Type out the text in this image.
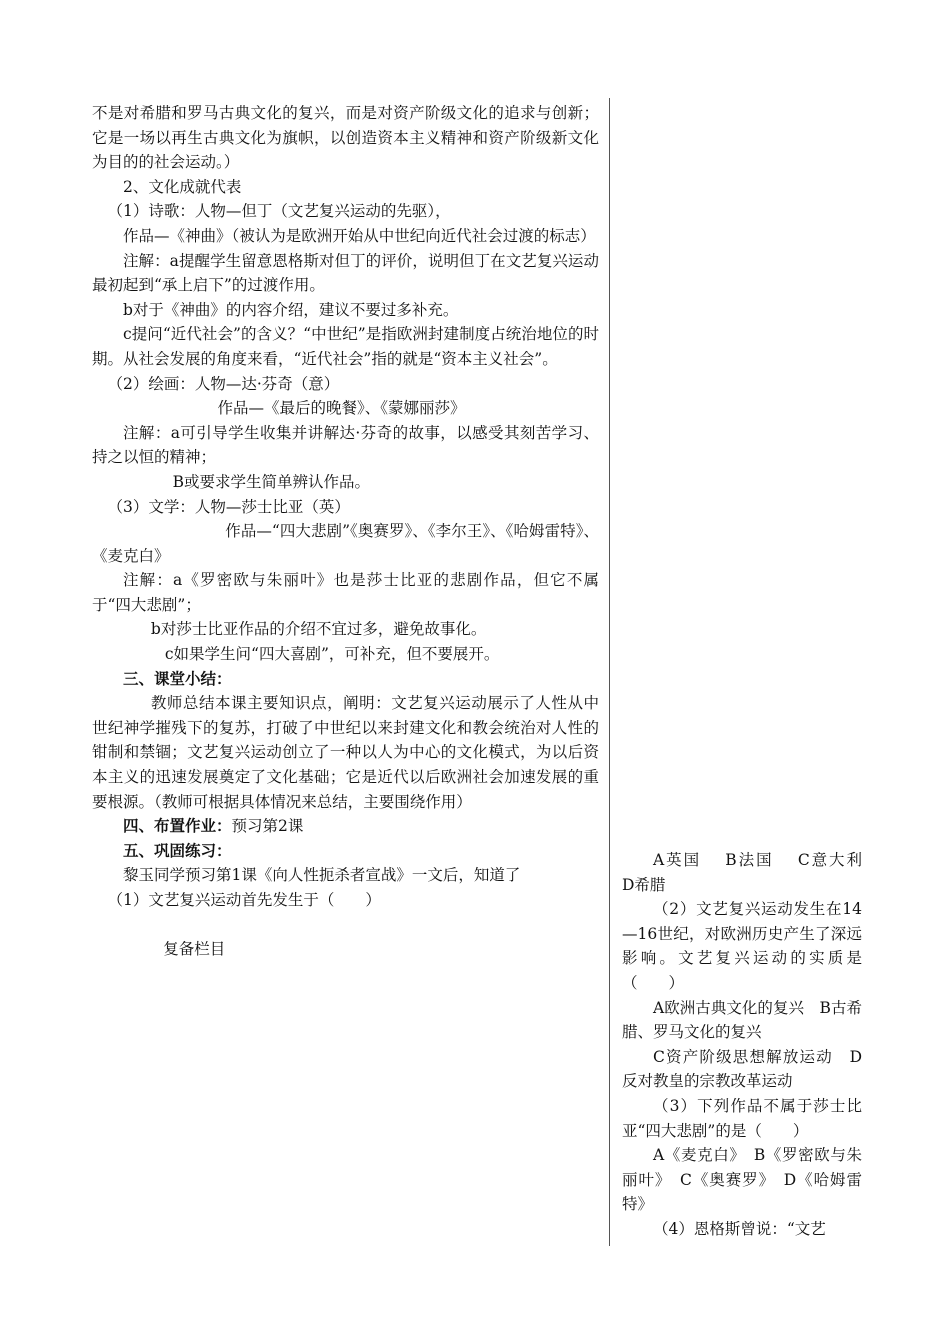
不是对希腊和罗马古典文化的复兴，而是对资产阶级文化的追求与创新；它是一场以再生古典文化为旗帜，以创造资本主义精神和资产阶级新文化为目的的社会运动。）

2、文化成就代表

（1）诗歌：人物—但丁（文艺复兴运动的先驱），

作品—《神曲》（被认为是欧洲开始从中世纪向近代社会过渡的标志）

注解：a提醒学生留意恩格斯对但丁的评价，说明但丁在文艺复兴运动最初起到“承上启下”的过渡作用。

b对于《神曲》的内容介绍，建议不要过多补充。

c提问“近代社会”的含义？“中世纪”是指欧洲封建制度占统治地位的时期。从社会发展的角度来看，“近代社会”指的就是“资本主义社会”。

（2）绘画：人物—达·芬奇（意）

作品—《最后的晚餐》、《蒙娜丽莎》

注解：a可引导学生收集并讲解达·芬奇的故事，以感受其刻苦学习、持之以恒的精神；

B或要求学生简单辨认作品。

（3）文学：人物—莎士比亚（英）

作品—“四大悲剧”《奥赛罗》、《李尔王》、《哈姆雷特》、《麦克白》

注解：a《罗密欧与朱丽叶》也是莎士比亚的悲剧作品，但它不属于“四大悲剧”；

b对莎士比亚作品的介绍不宜过多，避免故事化。

c如果学生问“四大喜剧”，可补充，但不要展开。

三、课堂小结：

教师总结本课主要知识点，阐明：文艺复兴运动展示了人性从中世纪神学摧残下的复苏，打破了中世纪以来封建文化和教会统治对人性的钳制和禁锢；文艺复兴运动创立了一种以人为中心的文化模式，为以后资本主义的迅速发展奠定了文化基础；它是近代以后欧洲社会加速发展的重要根源。（教师可根据具体情况来总结，主要围绕作用）

四、布置作业：预习第2课

五、巩固练习：

黎玉同学预习第1课《向人性扼杀者宣战》一文后，知道了

（1）文艺复兴运动首先发生于（　　）

复备栏目

A英国　 B法国　 C意大利　D希腊

（2）文艺复兴运动发生在14—16世纪，对欧洲历史产生了深远影响。文艺复兴运动的实质是（　　）

A欧洲古典文化的复兴　B古希腊、罗马文化的复兴

C资产阶级思想解放运动　D反对教皇的宗教改革运动

（3）下列作品不属于莎士比亚“四大悲剧”的是（　　）

A《麦克白》　B《罗密欧与朱丽叶》　C《奥赛罗》　D《哈姆雷特》

（4）恩格斯曾说：“文艺
